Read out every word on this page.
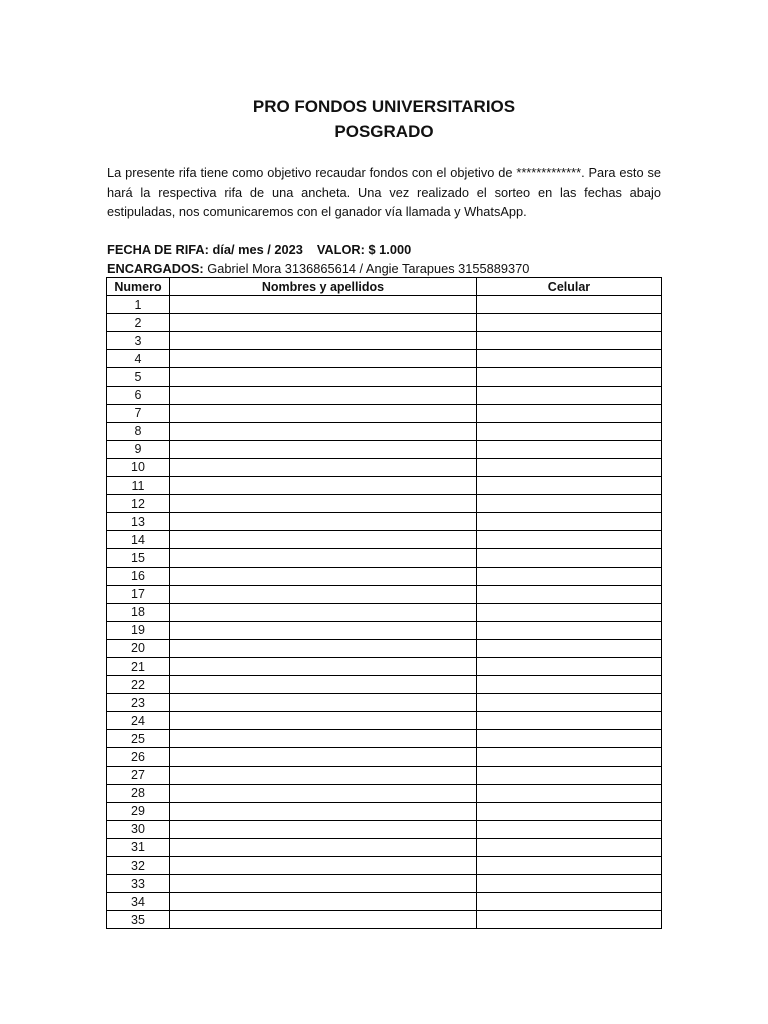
PRO FONDOS UNIVERSITARIOS
POSGRADO
La presente rifa tiene como objetivo recaudar fondos con el objetivo de *************. Para esto se hará la respectiva rifa de una ancheta. Una vez realizado el sorteo en las fechas abajo estipuladas, nos comunicaremos con el ganador vía llamada y WhatsApp.
FECHA DE RIFA: día/ mes / 2023 VALOR: $ 1.000
ENCARGADOS: Gabriel Mora 3136865614 / Angie Tarapues 3155889370
Numero	Nombres y apellidos	Celular
1		
2		
3		
4		
5		
6		
7		
8		
9		
10		
11		
12		
13		
14		
15		
16		
17		
18		
19		
20		
21		
22		
23		
24		
25		
26		
27		
28		
29		
30		
31		
32		
33		
34		
35		
